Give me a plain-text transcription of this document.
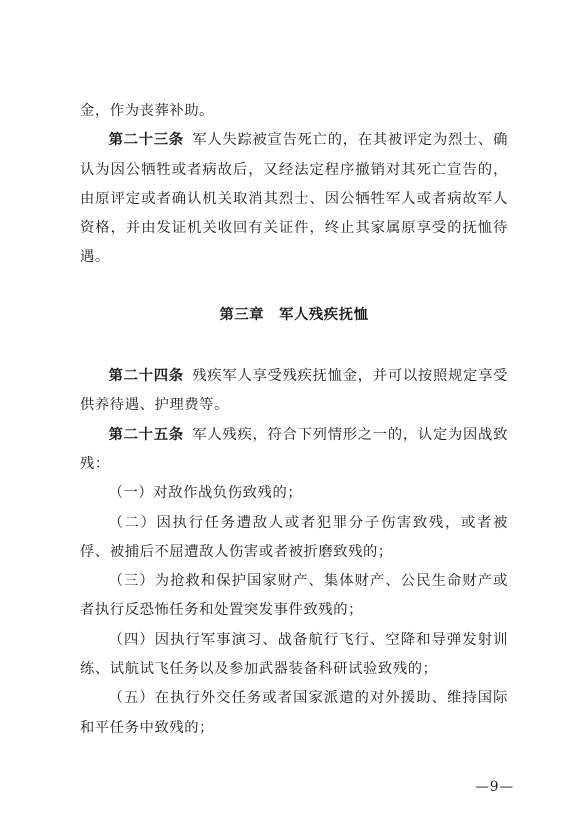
金，作为丧葬补助。

第二十三条 军人失踪被宣告死亡的，在其被评定为烈士、确认为因公牺牲或者病故后，又经法定程序撤销对其死亡宣告的，由原评定或者确认机关取消其烈士、因公牺牲军人或者病故军人资格，并由发证机关收回有关证件，终止其家属原享受的抚恤待遇。

第三章　军人残疾抚恤

第二十四条 残疾军人享受残疾抚恤金，并可以按照规定享受供养待遇、护理费等。

第二十五条 军人残疾，符合下列情形之一的，认定为因战致残：

（一）对敌作战负伤致残的；

（二）因执行任务遭敌人或者犯罪分子伤害致残，或者被俘、被捕后不屈遭敌人伤害或者被折磨致残的；

（三）为抢救和保护国家财产、集体财产、公民生命财产或者执行反恐怖任务和处置突发事件致残的；

（四）因执行军事演习、战备航行飞行、空降和导弹发射训练、试航试飞任务以及参加武器装备科研试验致残的；

（五）在执行外交任务或者国家派遣的对外援助、维持国际和平任务中致残的；

—9—
